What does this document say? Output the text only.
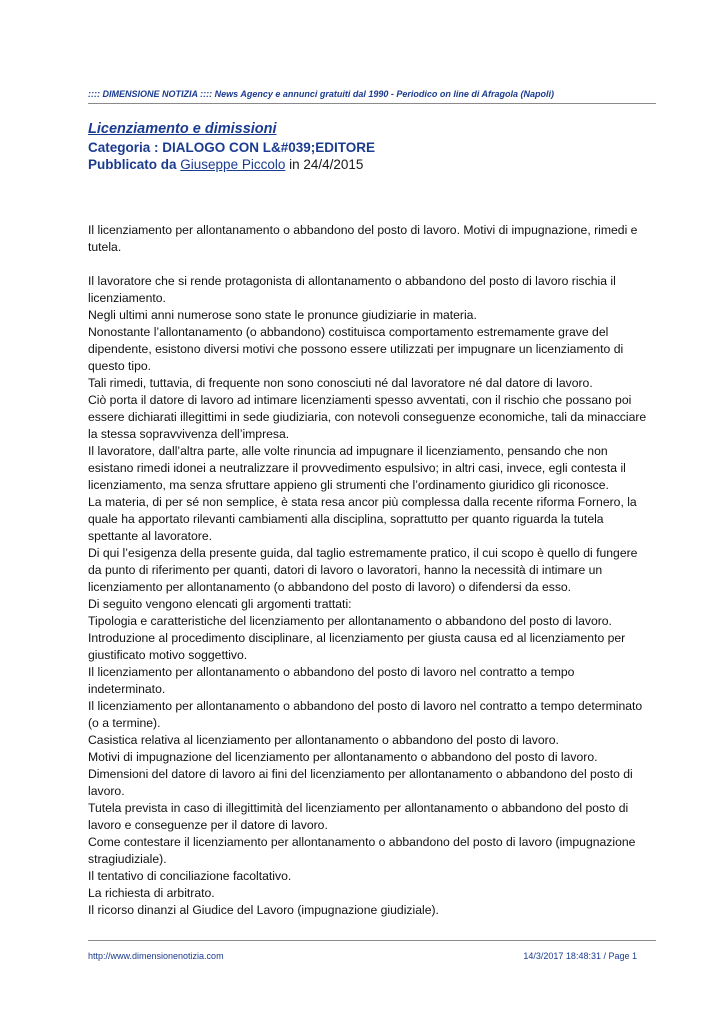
:::: DIMENSIONE NOTIZIA :::: News Agency e annunci gratuiti dal 1990 - Periodico on line di Afragola (Napoli)
Licenziamento e dimissioni
Categoria : DIALOGO CON L&#039;EDITORE
Pubblicato da Giuseppe Piccolo in 24/4/2015

Il licenziamento per allontanamento o abbandono del posto di lavoro. Motivi di impugnazione, rimedi e tutela.

Il lavoratore che si rende protagonista di allontanamento o abbandono del posto di lavoro rischia il licenziamento.

Negli ultimi anni numerose sono state le pronunce giudiziarie in materia.

Nonostante l’allontanamento (o abbandono) costituisca comportamento estremamente grave del dipendente, esistono diversi motivi che possono essere utilizzati per impugnare un licenziamento di questo tipo.

Tali rimedi, tuttavia, di frequente non sono conosciuti né dal lavoratore né dal datore di lavoro.

Ciò porta il datore di lavoro ad intimare licenziamenti spesso avventati, con il rischio che possano poi essere dichiarati illegittimi in sede giudiziaria, con notevoli conseguenze economiche, tali da minacciare la stessa sopravvivenza dell’impresa.

Il lavoratore, dall’altra parte, alle volte rinuncia ad impugnare il licenziamento, pensando che non esistano rimedi idonei a neutralizzare il provvedimento espulsivo; in altri casi, invece, egli contesta il licenziamento, ma senza sfruttare appieno gli strumenti che l’ordinamento giuridico gli riconosce.

La materia, di per sé non semplice, è stata resa ancor più complessa dalla recente riforma Fornero, la quale ha apportato rilevanti cambiamenti alla disciplina, soprattutto per quanto riguarda la tutela spettante al lavoratore.

Di qui l’esigenza della presente guida, dal taglio estremamente pratico, il cui scopo è quello di fungere da punto di riferimento per quanti, datori di lavoro o lavoratori, hanno la necessità di intimare un licenziamento per allontanamento (o abbandono del posto di lavoro) o difendersi da esso.

Di seguito vengono elencati gli argomenti trattati:

Tipologia e caratteristiche del licenziamento per allontanamento o abbandono del posto di lavoro.

Introduzione al procedimento disciplinare, al licenziamento per giusta causa ed al licenziamento per giustificato motivo soggettivo.

Il licenziamento per allontanamento o abbandono del posto di lavoro nel contratto a tempo indeterminato.

Il licenziamento per allontanamento o abbandono del posto di lavoro nel contratto a tempo determinato (o a termine).

Casistica relativa al licenziamento per allontanamento o abbandono del posto di lavoro.

Motivi di impugnazione del licenziamento per allontanamento o abbandono del posto di lavoro.

Dimensioni del datore di lavoro ai fini del licenziamento per allontanamento o abbandono del posto di lavoro.

Tutela prevista in caso di illegittimità del licenziamento per allontanamento o abbandono del posto di lavoro e conseguenze per il datore di lavoro.

Come contestare il licenziamento per allontanamento o abbandono del posto di lavoro (impugnazione stragiudiziale).

Il tentativo di conciliazione facoltativo.

La richiesta di arbitrato.

Il ricorso dinanzi al Giudice del Lavoro (impugnazione giudiziale).

http://www.dimensionenotizia.com	14/3/2017 18:48:31 / Page 1
